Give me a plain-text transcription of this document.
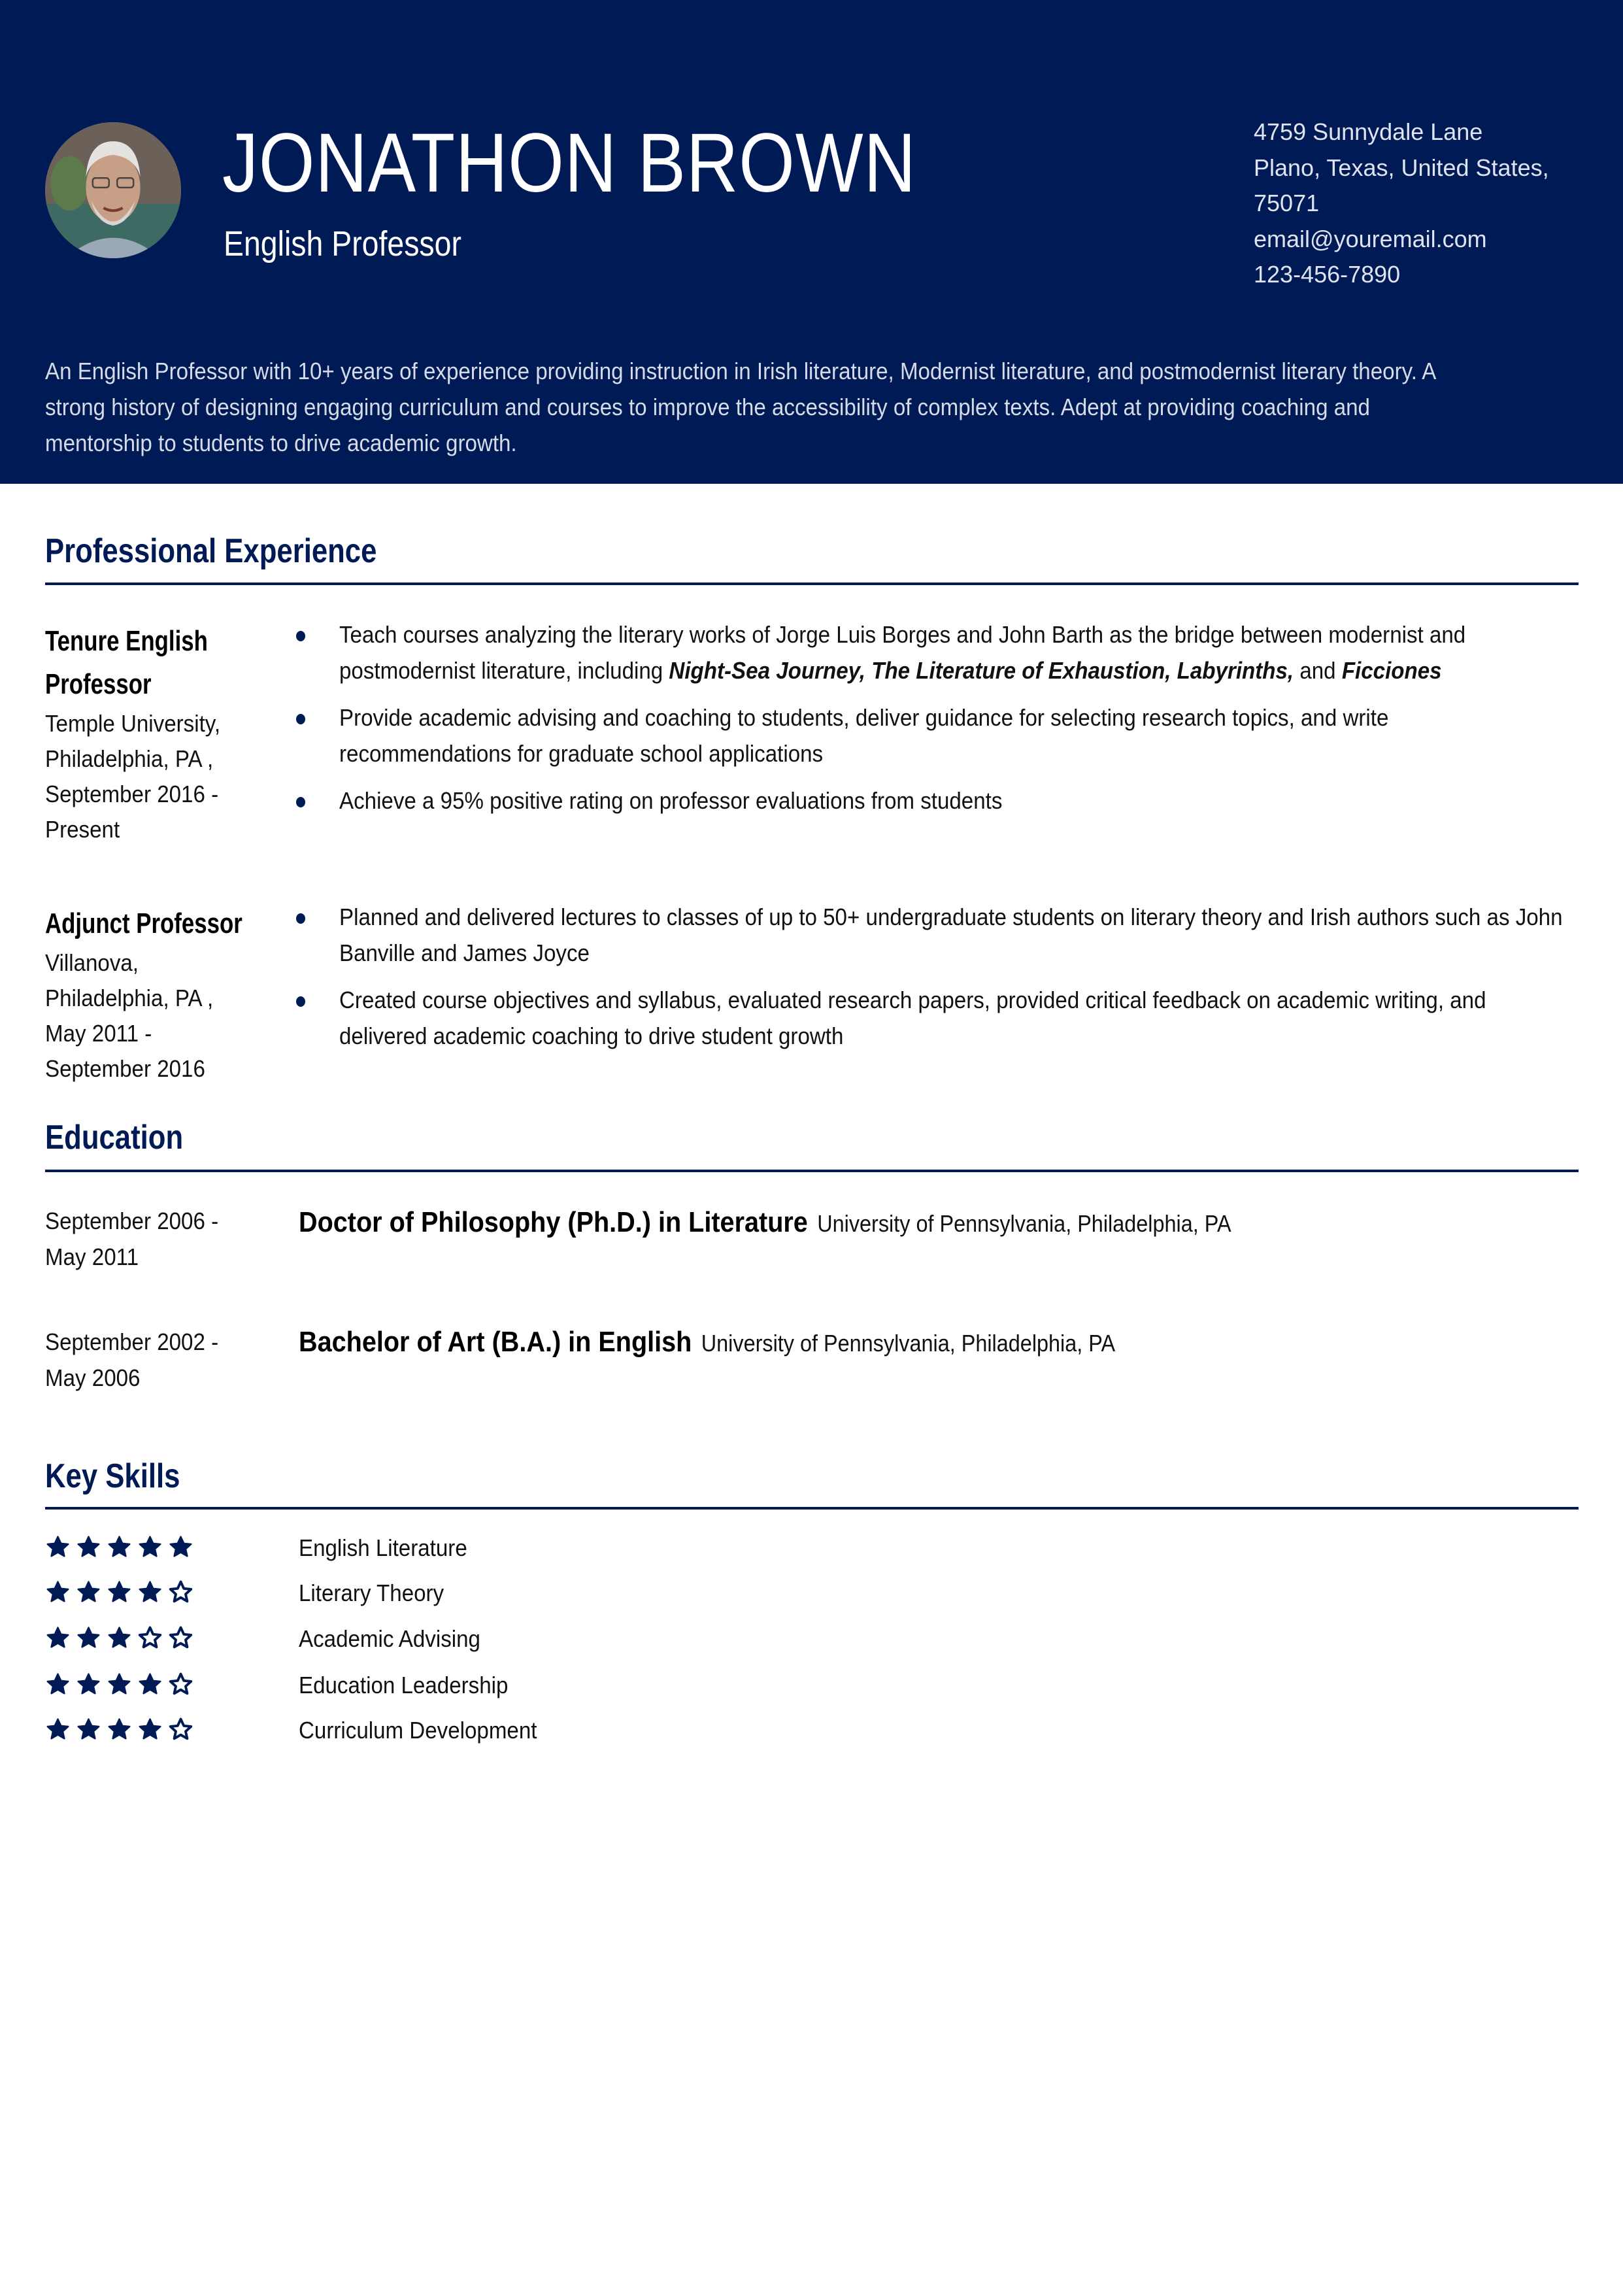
JONATHON BROWN
English Professor
4759 Sunnydale Lane
Plano, Texas, United States,
75071
email@youremail.com
123-456-7890
An English Professor with 10+ years of experience providing instruction in Irish literature, Modernist literature, and postmodernist literary theory. A strong history of designing engaging curriculum and courses to improve the accessibility of complex texts. Adept at providing coaching and mentorship to students to drive academic growth.
Professional Experience
Tenure English
Professor
Temple University,
Philadelphia, PA ,
September 2016 -
Present
Teach courses analyzing the literary works of Jorge Luis Borges and John Barth as the bridge between modernist and postmodernist literature, including Night-Sea Journey, The Literature of Exhaustion, Labyrinths, and Ficciones
Provide academic advising and coaching to students, deliver guidance for selecting research topics, and write recommendations for graduate school applications
Achieve a 95% positive rating on professor evaluations from students
Adjunct Professor
Villanova,
Philadelphia, PA ,
May 2011 -
September 2016
Planned and delivered lectures to classes of up to 50+ undergraduate students on literary theory and Irish authors such as John Banville and James Joyce
Created course objectives and syllabus, evaluated research papers, provided critical feedback on academic writing, and delivered academic coaching to drive student growth
Education
September 2006 -
May 2011
Doctor of Philosophy (Ph.D.) in Literature University of Pennsylvania, Philadelphia, PA
September 2002 -
May 2006
Bachelor of Art (B.A.) in English University of Pennsylvania, Philadelphia, PA
Key Skills
English Literature
Literary Theory
Academic Advising
Education Leadership
Curriculum Development
